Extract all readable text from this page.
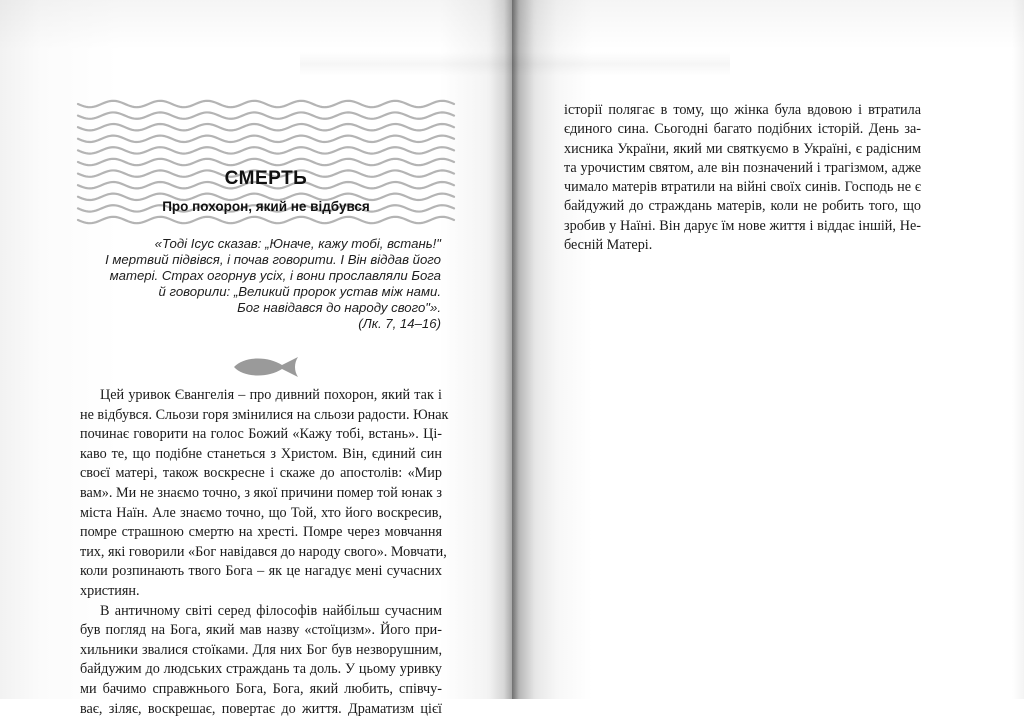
СМЕРТЬ
Про похорон, який не відбувся
«Тоді Ісус сказав: „Юначе, кажу тобі, встань!"
І мертвий підвівся, і почав говорити. І Він віддав його
матері. Страх огорнув усіх, і вони прославляли Бога
й говорили: „Великий пророк устав між нами.
Бог навідався до народу свого"».
(Лк. 7, 14–16)
Цей уривок Євангелія – про дивний похорон, який так і
не відбувся. Сльози горя змінилися на сльози радости. Юнак
починає говорити на голос Божий «Кажу тобі, встань». Ці-
каво те, що подібне станеться з Христом. Він, єдиний син
своєї матері, також воскресне і скаже до апостолів: «Мир
вам». Ми не знаємо точно, з якої причини помер той юнак з
міста Наїн. Але знаємо точно, що Той, хто його воскресив,
помре страшною смертю на хресті. Помре через мовчання
тих, які говорили «Бог навідався до народу свого». Мовчати,
коли розпинають твого Бога – як це нагадує мені сучасних
християн.
В античному світі серед філософів найбільш сучасним
був погляд на Бога, який мав назву «стоїцизм». Його при-
хильники звалися стоїками. Для них Бог був незворушним,
байдужим до людських страждань та доль. У цьому уривку
ми бачимо справжнього Бога, Бога, який любить, співчу-
ває, зіляє, воскрешає, повертає до життя. Драматизм цієї
історії полягає в тому, що жінка була вдовою і втратила
єдиного сина. Сьогодні багато подібних історій. День за-
хисника України, який ми святкуємо в Україні, є радісним
та урочистим святом, але він позначений і трагізмом, адже
чимало матерів втратили на війні своїх синів. Господь не є
байдужий до страждань матерів, коли не робить того, що
зробив у Наїні. Він дарує їм нове життя і віддає іншій, Не-
бесній Матері.
